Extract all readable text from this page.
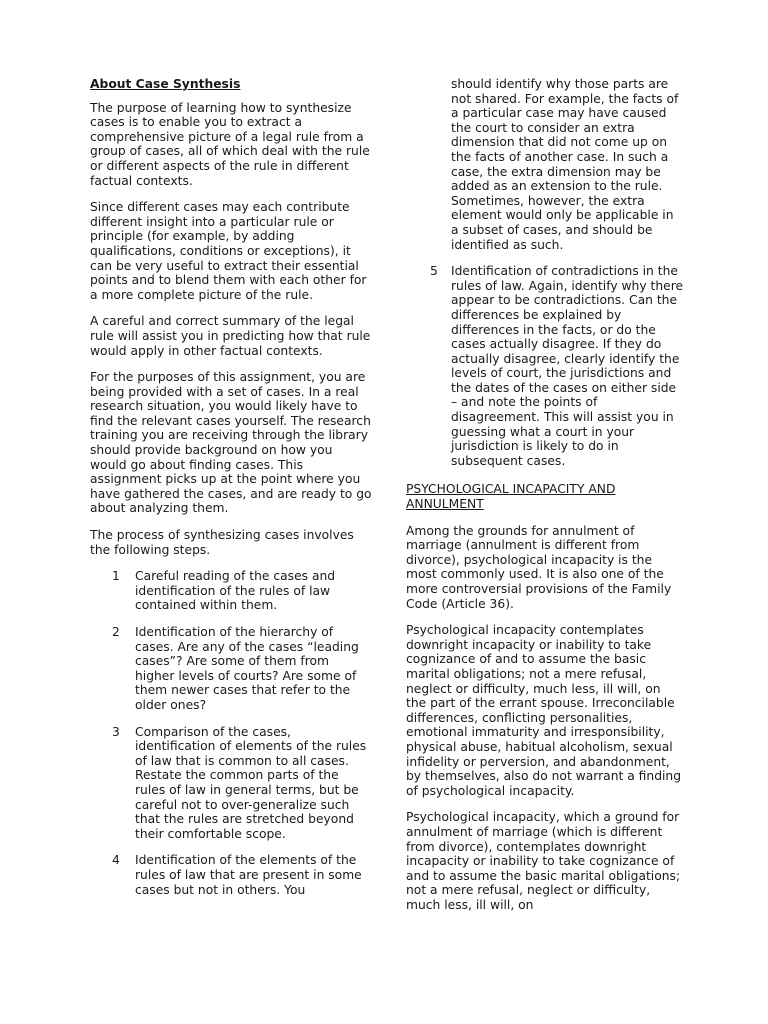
About Case Synthesis

The purpose of learning how to synthesize cases is to enable you to extract a comprehensive picture of a legal rule from a group of cases, all of which deal with the rule or different aspects of the rule in different factual contexts.

Since different cases may each contribute different insight into a particular rule or principle (for example, by adding qualifications, conditions or exceptions), it can be very useful to extract their essential points and to blend them with each other for a more complete picture of the rule.

A careful and correct summary of the legal rule will assist you in predicting how that rule would apply in other factual contexts.

For the purposes of this assignment, you are being provided with a set of cases. In a real research situation, you would likely have to find the relevant cases yourself. The research training you are receiving through the library should provide background on how you would go about finding cases. This assignment picks up at the point where you have gathered the cases, and are ready to go about analyzing them.

The process of synthesizing cases involves the following steps.

1 Careful reading of the cases and identification of the rules of law contained within them.
2 Identification of the hierarchy of cases. Are any of the cases “leading cases”? Are some of them from higher levels of courts? Are some of them newer cases that refer to the older ones?
3 Comparison of the cases, identification of elements of the rules of law that is common to all cases. Restate the common parts of the rules of law in general terms, but be careful not to over-generalize such that the rules are stretched beyond their comfortable scope.
4 Identification of the elements of the rules of law that are present in some cases but not in others. You
should identify why those parts are not shared. For example, the facts of a particular case may have caused the court to consider an extra dimension that did not come up on the facts of another case. In such a case, the extra dimension may be added as an extension to the rule. Sometimes, however, the extra element would only be applicable in a subset of cases, and should be identified as such.
5 Identification of contradictions in the rules of law. Again, identify why there appear to be contradictions. Can the differences be explained by differences in the facts, or do the cases actually disagree. If they do actually disagree, clearly identify the levels of court, the jurisdictions and the dates of the cases on either side – and note the points of disagreement. This will assist you in guessing what a court in your jurisdiction is likely to do in subsequent cases.
PSYCHOLOGICAL INCAPACITY AND ANNULMENT

Among the grounds for annulment of marriage (annulment is different from divorce), psychological incapacity is the most commonly used. It is also one of the more controversial provisions of the Family Code (Article 36).

Psychological incapacity contemplates downright incapacity or inability to take cognizance of and to assume the basic marital obligations; not a mere refusal, neglect or difficulty, much less, ill will, on the part of the errant spouse. Irreconcilable differences, conflicting personalities, emotional immaturity and irresponsibility, physical abuse, habitual alcoholism, sexual infidelity or perversion, and abandonment, by themselves, also do not warrant a finding of psychological incapacity.

Psychological incapacity, which a ground for annulment of marriage (which is different from divorce), contemplates downright incapacity or inability to take cognizance of and to assume the basic marital obligations; not a mere refusal, neglect or difficulty, much less, ill will, on
